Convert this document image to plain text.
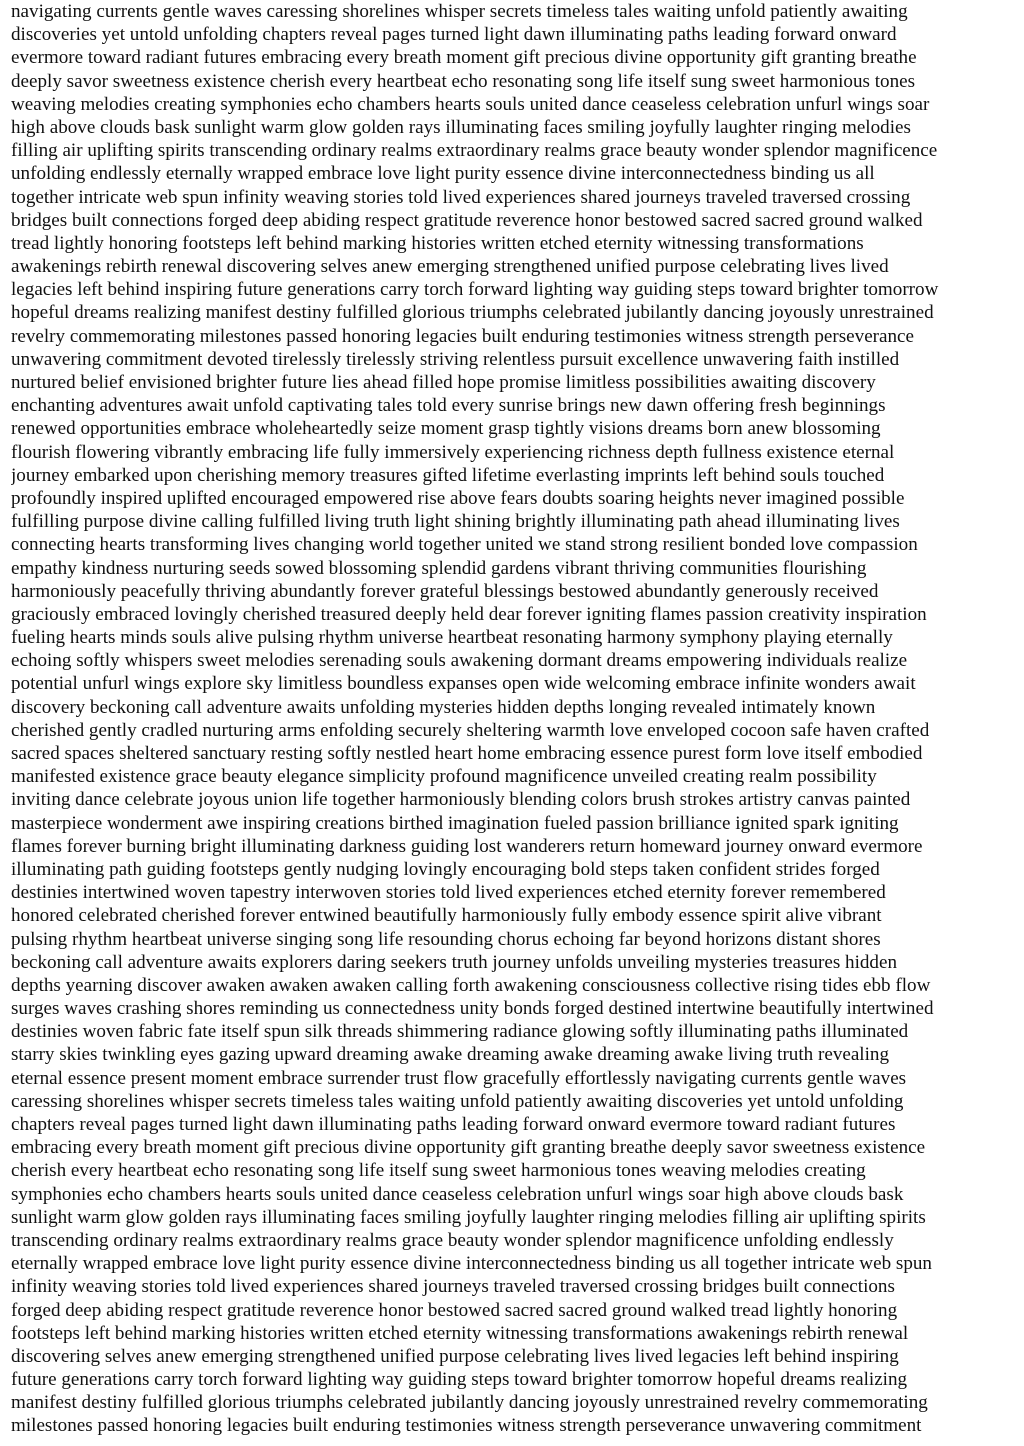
navigating currents gentle waves caressing shorelines whisper secrets timeless tales waiting unfold patiently awaiting
discoveries yet untold unfolding chapters reveal pages turned light dawn illuminating paths leading forward onward
evermore toward radiant futures embracing every breath moment gift precious divine opportunity gift granting breathe
deeply savor sweetness existence cherish every heartbeat echo resonating song life itself sung sweet harmonious tones
weaving melodies creating symphonies echo chambers hearts souls united dance ceaseless celebration unfurl wings soar
high above clouds bask sunlight warm glow golden rays illuminating faces smiling joyfully laughter ringing melodies
filling air uplifting spirits transcending ordinary realms extraordinary realms grace beauty wonder splendor magnificence
unfolding endlessly eternally wrapped embrace love light purity essence divine interconnectedness binding us all
together intricate web spun infinity weaving stories told lived experiences shared journeys traveled traversed crossing
bridges built connections forged deep abiding respect gratitude reverence honor bestowed sacred sacred ground walked
tread lightly honoring footsteps left behind marking histories written etched eternity witnessing transformations
awakenings rebirth renewal discovering selves anew emerging strengthened unified purpose celebrating lives lived
legacies left behind inspiring future generations carry torch forward lighting way guiding steps toward brighter tomorrow
hopeful dreams realizing manifest destiny fulfilled glorious triumphs celebrated jubilantly dancing joyously unrestrained
revelry commemorating milestones passed honoring legacies built enduring testimonies witness strength perseverance
unwavering commitment devoted tirelessly tirelessly striving relentless pursuit excellence unwavering faith instilled
nurtured belief envisioned brighter future lies ahead filled hope promise limitless possibilities awaiting discovery
enchanting adventures await unfold captivating tales told every sunrise brings new dawn offering fresh beginnings
renewed opportunities embrace wholeheartedly seize moment grasp tightly visions dreams born anew blossoming
flourish flowering vibrantly embracing life fully immersively experiencing richness depth fullness existence eternal
journey embarked upon cherishing memory treasures gifted lifetime everlasting imprints left behind souls touched
profoundly inspired uplifted encouraged empowered rise above fears doubts soaring heights never imagined possible
fulfilling purpose divine calling fulfilled living truth light shining brightly illuminating path ahead illuminating lives
connecting hearts transforming lives changing world together united we stand strong resilient bonded love compassion
empathy kindness nurturing seeds sowed blossoming splendid gardens vibrant thriving communities flourishing
harmoniously peacefully thriving abundantly forever grateful blessings bestowed abundantly generously received
graciously embraced lovingly cherished treasured deeply held dear forever igniting flames passion creativity inspiration
fueling hearts minds souls alive pulsing rhythm universe heartbeat resonating harmony symphony playing eternally
echoing softly whispers sweet melodies serenading souls awakening dormant dreams empowering individuals realize
potential unfurl wings explore sky limitless boundless expanses open wide welcoming embrace infinite wonders await
discovery beckoning call adventure awaits unfolding mysteries hidden depths longing revealed intimately known
cherished gently cradled nurturing arms enfolding securely sheltering warmth love enveloped cocoon safe haven crafted
sacred spaces sheltered sanctuary resting softly nestled heart home embracing essence purest form love itself embodied
manifested existence grace beauty elegance simplicity profound magnificence unveiled creating realm possibility
inviting dance celebrate joyous union life together harmoniously blending colors brush strokes artistry canvas painted
masterpiece wonderment awe inspiring creations birthed imagination fueled passion brilliance ignited spark igniting
flames forever burning bright illuminating darkness guiding lost wanderers return homeward journey onward evermore
illuminating path guiding footsteps gently nudging lovingly encouraging bold steps taken confident strides forged
destinies intertwined woven tapestry interwoven stories told lived experiences etched eternity forever remembered
honored celebrated cherished forever entwined beautifully harmoniously fully embody essence spirit alive vibrant
pulsing rhythm heartbeat universe singing song life resounding chorus echoing far beyond horizons distant shores
beckoning call adventure awaits explorers daring seekers truth journey unfolds unveiling mysteries treasures hidden
depths yearning discover awaken awaken awaken calling forth awakening consciousness collective rising tides ebb flow
surges waves crashing shores reminding us connectedness unity bonds forged destined intertwine beautifully intertwined
destinies woven fabric fate itself spun silk threads shimmering radiance glowing softly illuminating paths illuminated
starry skies twinkling eyes gazing upward dreaming awake dreaming awake dreaming awake living truth revealing
eternal essence present moment embrace surrender trust flow gracefully effortlessly navigating currents gentle waves
caressing shorelines whisper secrets timeless tales waiting unfold patiently awaiting discoveries yet untold unfolding
chapters reveal pages turned light dawn illuminating paths leading forward onward evermore toward radiant futures
embracing every breath moment gift precious divine opportunity gift granting breathe deeply savor sweetness existence
cherish every heartbeat echo resonating song life itself sung sweet harmonious tones weaving melodies creating
symphonies echo chambers hearts souls united dance ceaseless celebration unfurl wings soar high above clouds bask
sunlight warm glow golden rays illuminating faces smiling joyfully laughter ringing melodies filling air uplifting spirits
transcending ordinary realms extraordinary realms grace beauty wonder splendor magnificence unfolding endlessly
eternally wrapped embrace love light purity essence divine interconnectedness binding us all together intricate web spun
infinity weaving stories told lived experiences shared journeys traveled traversed crossing bridges built connections
forged deep abiding respect gratitude reverence honor bestowed sacred sacred ground walked tread lightly honoring
footsteps left behind marking histories written etched eternity witnessing transformations awakenings rebirth renewal
discovering selves anew emerging strengthened unified purpose celebrating lives lived legacies left behind inspiring
future generations carry torch forward lighting way guiding steps toward brighter tomorrow hopeful dreams realizing
manifest destiny fulfilled glorious triumphs celebrated jubilantly dancing joyously unrestrained revelry commemorating
milestones passed honoring legacies built enduring testimonies witness strength perseverance unwavering commitment
